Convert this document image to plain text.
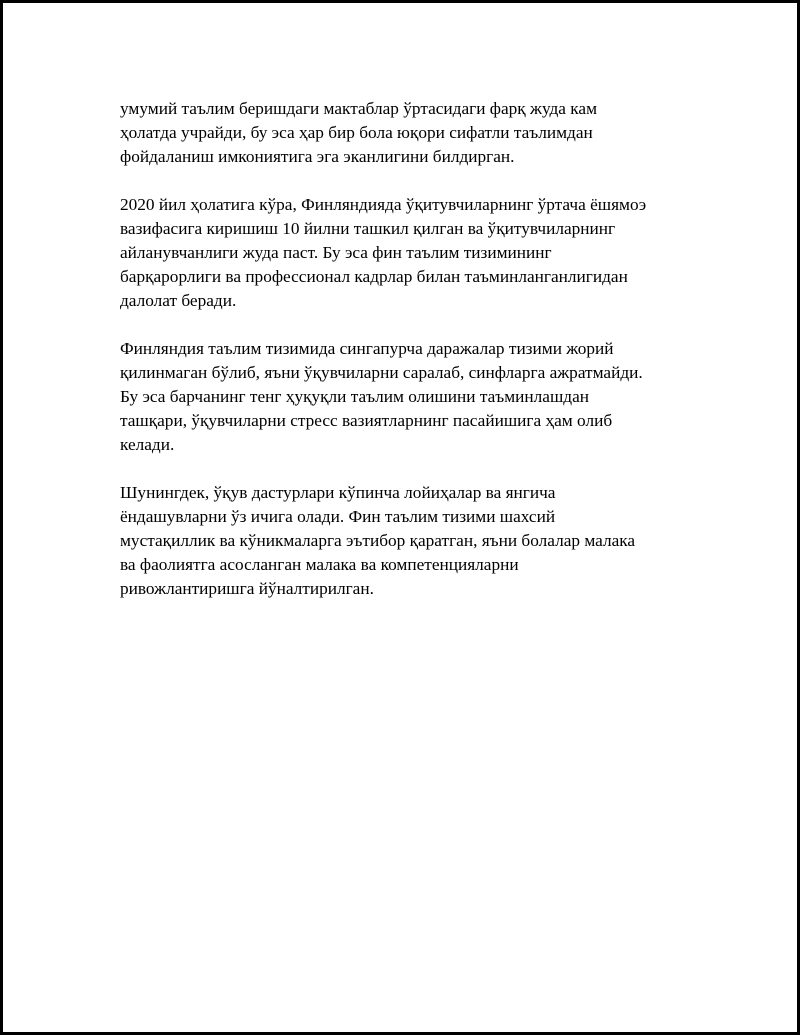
умумий таълим беришдаги мактаблар ўртасидаги фарқ жуда кам
ҳолатда учрайди, бу эса ҳар бир бола юқори сифатли таълимдан
фойдаланиш имкониятига эга эканлигини билдирган.

2020 йил ҳолатига кўра, Финляндияда ўқитувчиларнинг ўртача ёшямоэ
вазифасига киришиш 10 йилни ташкил қилган ва ўқитувчиларнинг
айланувчанлиги жуда паст. Бу эса фин таълим тизимининг
барқарорлиги ва профессионал кадрлар билан таъминланганлигидан
далолат беради.

Финляндия таълим тизимида сингапурча даражалар тизими жорий
қилинмаган бўлиб, яъни ўқувчиларни саралаб, синфларга ажратмайди.
Бу эса барчанинг тенг ҳуқуқли таълим олишини таъминлашдан
ташқари, ўқувчиларни стресс вазиятларнинг пасайишига ҳам олиб
келади.

Шунингдек, ўқув дастурлари кўпинча лойиҳалар ва янгича
ёндашувларни ўз ичига олади. Фин таълим тизими шахсий
мустақиллик ва кўникмаларга эътибор қаратган, яъни болалар малака
ва фаолиятга асосланган малака ва компетенцияларни
ривожлантиришга йўналтирилган.
